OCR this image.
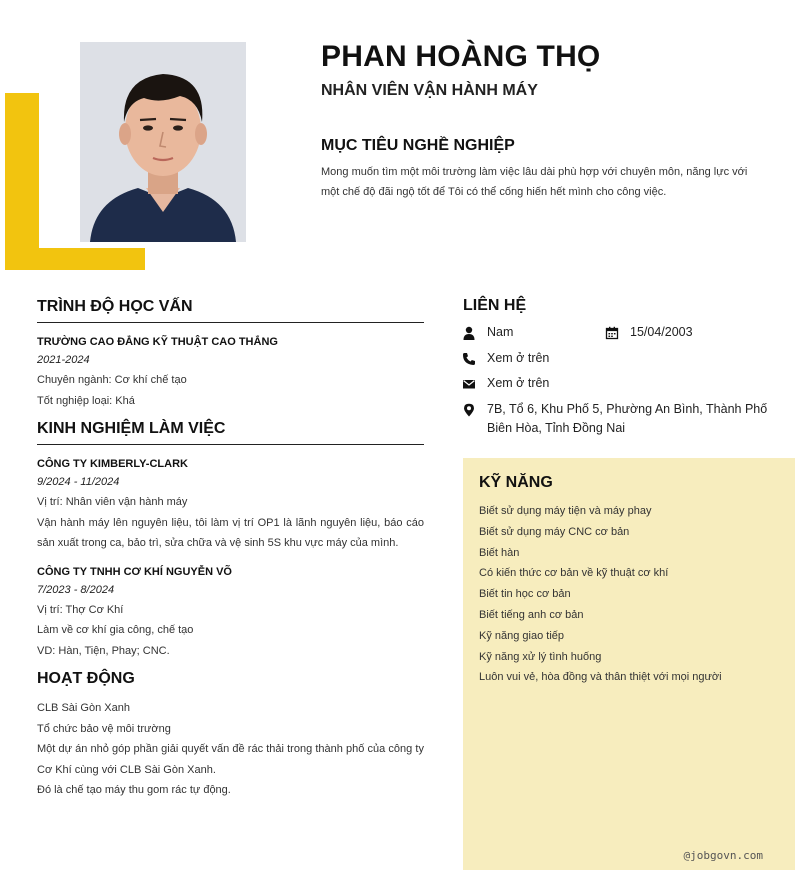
PHAN HOÀNG THỌ
NHÂN VIÊN VẬN HÀNH MÁY
MỤC TIÊU NGHỀ NGHIỆP
Mong muốn tìm một môi trường làm việc lâu dài phù hợp với chuyên môn, năng lực với một chế độ đãi ngộ tốt để Tôi có thể cống hiến hết mình cho công việc.
TRÌNH ĐỘ HỌC VẤN
TRƯỜNG CAO ĐẲNG KỸ THUẬT CAO THẮNG
2021-2024
Chuyên ngành: Cơ khí chế tạo
Tốt nghiệp loại: Khá
KINH NGHIỆM LÀM VIỆC
CÔNG TY KIMBERLY-CLARK
9/2024 - 11/2024
Vị trí: Nhân viên vận hành máy
Vận hành máy lên nguyên liệu, tôi làm vị trí OP1 là lãnh nguyên liệu, báo cáo sản xuất trong ca, bảo trì, sửa chữa và vệ sinh 5S khu vực máy của mình.
CÔNG TY TNHH CƠ KHÍ NGUYỄN VÕ
7/2023 - 8/2024
Vị trí: Thợ Cơ Khí
Làm về cơ khí gia công, chế tạo
VD: Hàn, Tiện, Phay; CNC.
HOẠT ĐỘNG
CLB Sài Gòn Xanh
Tổ chức bảo vệ môi trường
Một dự án nhỏ góp phần giải quyết vấn đề rác thải trong thành phố của công ty Cơ Khí cùng với CLB Sài Gòn Xanh.
Đó là chế tạo máy thu gom rác tự động.
LIÊN HỆ
Nam	15/04/2003
Xem ở trên
Xem ở trên
7B, Tổ 6, Khu Phố 5, Phường An Bình, Thành Phố Biên Hòa, Tỉnh Đồng Nai
KỸ NĂNG
Biết sử dụng máy tiện và máy phay
Biết sử dụng máy CNC cơ bản
Biết hàn
Có kiến thức cơ bản về kỹ thuật cơ khí
Biết tin học cơ bản
Biết tiếng anh cơ bản
Kỹ năng giao tiếp
Kỹ năng xử lý tình huống
Luôn vui vẻ, hòa đồng và thân thiệt với mọi người
@jobgovn.com
